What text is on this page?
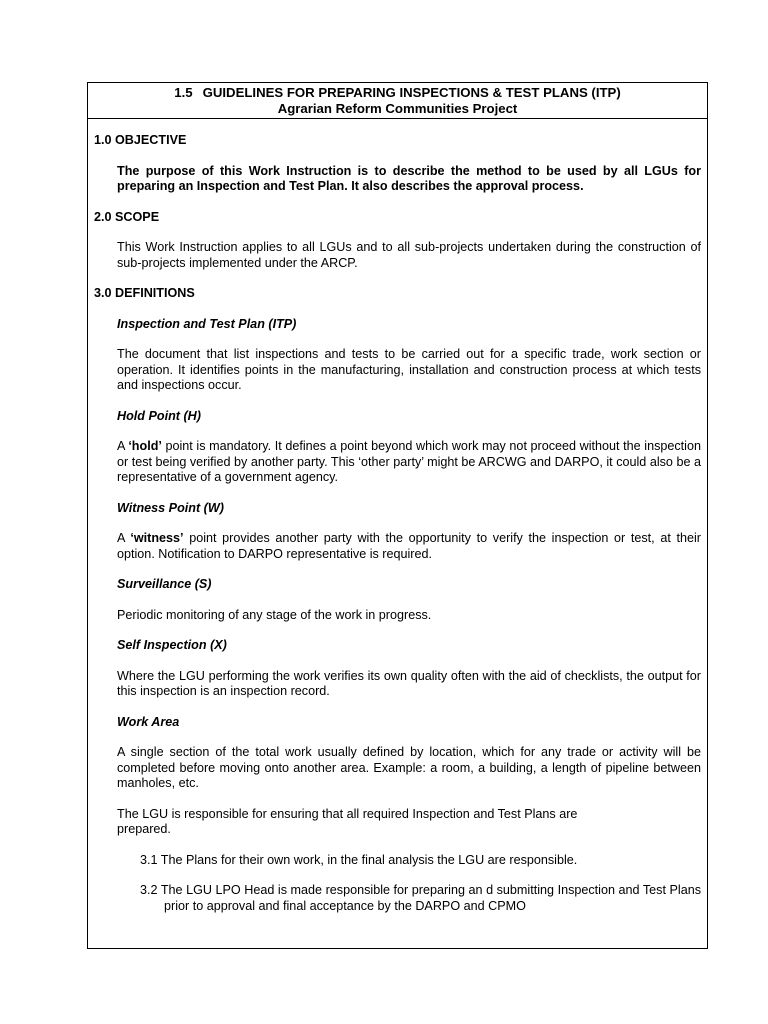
1.5 GUIDELINES FOR PREPARING INSPECTIONS & TEST PLANS (ITP)
Agrarian Reform Communities Project

1.0 OBJECTIVE

The purpose of this Work Instruction is to describe the method to be used by all LGUs for preparing an Inspection and Test Plan. It also describes the approval process.

2.0 SCOPE

This Work Instruction applies to all LGUs and to all sub-projects undertaken during the construction of sub-projects implemented under the ARCP.

3.0 DEFINITIONS

Inspection and Test Plan (ITP)

The document that list inspections and tests to be carried out for a specific trade, work section or operation. It identifies points in the manufacturing, installation and construction process at which tests and inspections occur.

Hold Point (H)

A ‘hold’ point is mandatory. It defines a point beyond which work may not proceed without the inspection or test being verified by another party. This ‘other party’ might be ARCWG and DARPO, it could also be a representative of a government agency.

Witness Point (W)

A ‘witness’ point provides another party with the opportunity to verify the inspection or test, at their option. Notification to DARPO representative is required.

Surveillance (S)

Periodic monitoring of any stage of the work in progress.

Self Inspection (X)

Where the LGU performing the work verifies its own quality often with the aid of checklists, the output for this inspection is an inspection record.

Work Area

A single section of the total work usually defined by location, which for any trade or activity will be completed before moving onto another area. Example: a room, a building, a length of pipeline between manholes, etc.

The LGU is responsible for ensuring that all required Inspection and Test Plans are prepared.

3.1 The Plans for their own work, in the final analysis the LGU are responsible.

3.2 The LGU LPO Head is made responsible for preparing an d submitting Inspection and Test Plans prior to approval and final acceptance by the DARPO and CPMO
